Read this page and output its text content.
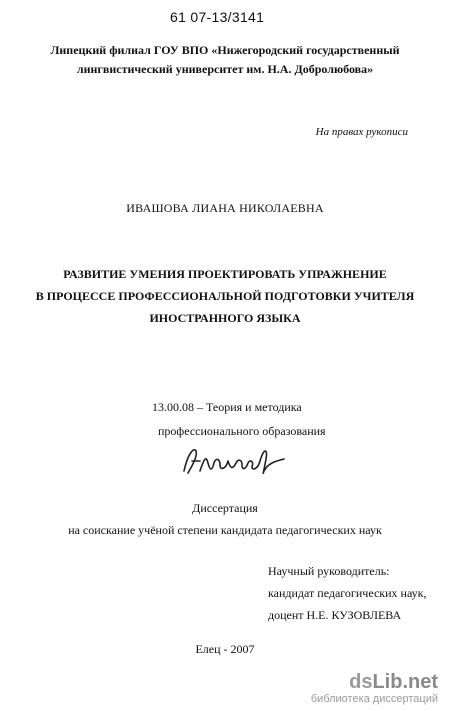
61 07-13/3141
Липецкий филиал ГОУ ВПО «Нижегородский государственный
лингвистический университет им. Н.А. Добролюбова»
На правах рукописи
ИВАШОВА ЛИАНА НИКОЛАЕВНА
РАЗВИТИЕ УМЕНИЯ ПРОЕКТИРОВАТЬ УПРАЖНЕНИЕ
В ПРОЦЕССЕ ПРОФЕССИОНАЛЬНОЙ ПОДГОТОВКИ УЧИТЕЛЯ
ИНОСТРАННОГО ЯЗЫКА
13.00.08 – Теория и методика
профессионального образования
Диссертация
на соискание учёной степени кандидата педагогических наук
Научный руководитель:
кандидат педагогических наук,
доцент Н.Е. КУЗОВЛЕВА
Елец - 2007
dsLib.net
библиотека диссертаций
